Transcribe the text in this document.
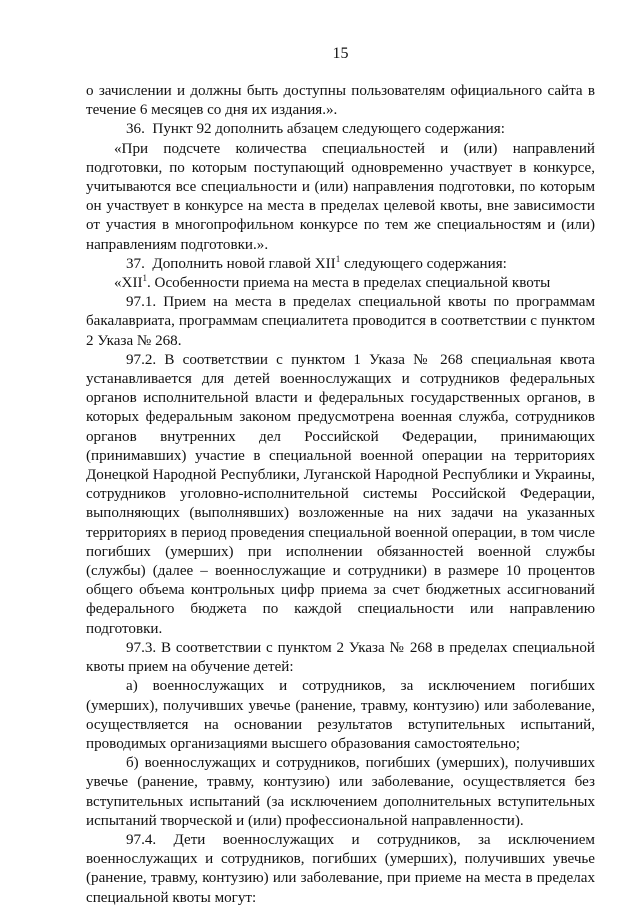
15

о зачислении и должны быть доступны пользователям официального сайта в течение 6 месяцев со дня их издания.».

36.  Пункт 92 дополнить абзацем следующего содержания:

«При подсчете количества специальностей и (или) направлений подготовки, по которым поступающий одновременно участвует в конкурсе, учитываются все специальности и (или) направления подготовки, по которым он участвует в конкурсе на места в пределах целевой квоты, вне зависимости от участия в многопрофильном конкурсе по тем же специальностям и (или) направлениям подготовки.».

37.  Дополнить новой главой XII$^1$ следующего содержания:

«XII$^1$. Особенности приема на места в пределах специальной квоты

97.1. Прием на места в пределах специальной квоты по программам бакалавриата, программам специалитета проводится в соответствии с пунктом 2 Указа № 268.

97.2. В соответствии с пунктом 1 Указа № 268 специальная квота устанавливается для детей военнослужащих и сотрудников федеральных органов исполнительной власти и федеральных государственных органов, в которых федеральным законом предусмотрена военная служба, сотрудников органов внутренних дел Российской Федерации, принимающих (принимавших) участие в специальной военной операции на территориях Донецкой Народной Республики, Луганской Народной Республики и Украины, сотрудников уголовно-исполнительной системы Российской Федерации, выполняющих (выполнявших) возложенные на них задачи на указанных территориях в период проведения специальной военной операции, в том числе погибших (умерших) при исполнении обязанностей военной службы (службы) (далее – военнослужащие и сотрудники) в размере 10 процентов общего объема контрольных цифр приема за счет бюджетных ассигнований федерального бюджета по каждой специальности или направлению подготовки.

97.3. В соответствии с пунктом 2 Указа № 268 в пределах специальной квоты прием на обучение детей:

а) военнослужащих и сотрудников, за исключением погибших (умерших), получивших увечье (ранение, травму, контузию) или заболевание, осуществляется на основании результатов вступительных испытаний, проводимых организациями высшего образования самостоятельно;

б) военнослужащих и сотрудников, погибших (умерших), получивших увечье (ранение, травму, контузию) или заболевание, осуществляется без вступительных испытаний (за исключением дополнительных вступительных испытаний творческой и (или) профессиональной направленности).

97.4. Дети военнослужащих и сотрудников, за исключением военнослужащих и сотрудников, погибших (умерших), получивших увечье (ранение, травму, контузию) или заболевание, при приеме на места в пределах специальной квоты могут:
